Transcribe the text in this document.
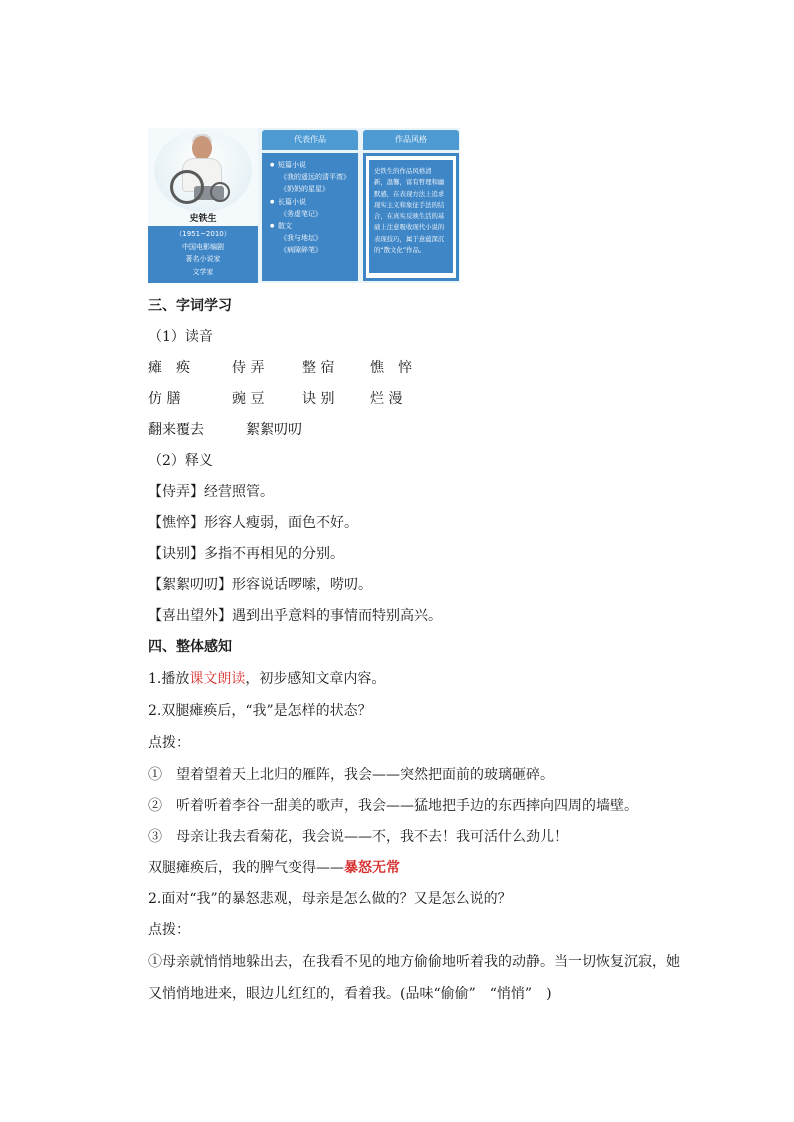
史铁生
（1951~2010）
中国电影编剧
著名小说家
文学家
代表作品
● 短篇小说
《我的遥远的清平湾》
《奶奶的星星》
● 长篇小说
《务虚笔记》
● 散文
《我与地坛》
《病隙碎笔》
作品风格
史铁生的作品风格清
新，温馨，富有哲理和幽
默感，在表现方法上追求
现实主义和象征手法的结
合，在真实反映生活的基
础上注意吸收现代小说的
表现技巧，属于意蕴深沉
的“散文化”作品。
三、字词学习
（1）读音
瘫　痪	侍 弄	整 宿	憔　悴
仿 膳	豌 豆	诀 别	烂 漫
翻来覆去	絮絮叨叨
（2）释义
【侍弄】经营照管。
【憔悴】形容人瘦弱，面色不好。
【诀别】多指不再相见的分别。
【絮絮叨叨】形容说话啰嗦，唠叨。
【喜出望外】遇到出乎意料的事情而特别高兴。
四、整体感知
1.播放课文朗读，初步感知文章内容。
2.双腿瘫痪后，“我”是怎样的状态？
点拨：
①　望着望着天上北归的雁阵，我会——突然把面前的玻璃砸碎。
②　听着听着李谷一甜美的歌声，我会——猛地把手边的东西摔向四周的墙壁。
③　母亲让我去看菊花，我会说——不，我不去！我可活什么劲儿！
双腿瘫痪后，我的脾气变得——暴怒无常
2.面对“我”的暴怒悲观，母亲是怎么做的？又是怎么说的？
点拨：
①母亲就悄悄地躲出去，在我看不见的地方偷偷地听着我的动静。当一切恢复沉寂，她
又悄悄地进来，眼边儿红红的，看着我。(品味“偷偷”　“悄悄”　)
